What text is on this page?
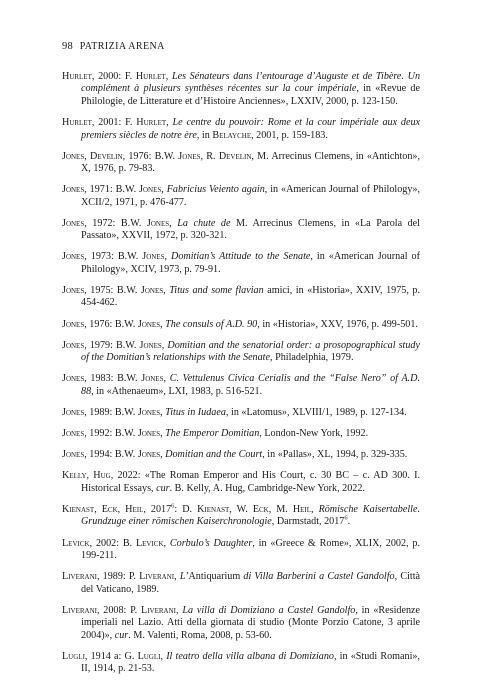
98 PATRIZIA ARENA

Hurlet, 2000: F. Hurlet, Les Sénateurs dans l’entourage d’Auguste et de Tibère. Un complément à plusieurs synthèses récentes sur la cour impériale, in «Revue de Philologie, de Litterature et d’Histoire Anciennes», LXXIV, 2000, p. 123-150.

Hurlet, 2001: F. Hurlet, Le centre du pouvoir: Rome et la cour impériale aux deux premiers siècles de notre ère, in Belayche, 2001, p. 159-183.

Jones, Develin, 1976: B.W. Jones, R. Develin, M. Arrecinus Clemens, in «Antichton», X, 1976, p. 79-83.

Jones, 1971: B.W. Jones, Fabricius Veiento again, in «American Journal of Philology», XCII/2, 1971, p. 476-477.

Jones, 1972: B.W. Jones, La chute de M. Arrecinus Clemens, in «La Parola del Passato», XXVII, 1972, p. 320-321.

Jones, 1973: B.W. Jones, Domitian’s Attitude to the Senate, in «American Journal of Philology», XCIV, 1973, p. 79-91.

Jones, 1975: B.W. Jones, Titus and some flavian amici, in «Historia», XXIV, 1975, p. 454-462.

Jones, 1976: B.W. Jones, The consuls of A.D. 90, in «Historia», XXV, 1976, p. 499-501.

Jones, 1979: B.W. Jones, Domitian and the senatorial order: a prosopographical study of the Domitian’s relationships with the Senate, Philadelphia, 1979.

Jones, 1983: B.W. Jones, C. Vettulenus Civica Cerialis and the “False Nero” of A.D. 88, in «Athenaeum», LXI, 1983, p. 516-521.

Jones, 1989: B.W. Jones, Titus in Iudaea, in «Latomus», XLVIII/1, 1989, p. 127-134.

Jones, 1992: B.W. Jones, The Emperor Domitian, London-New York, 1992.

Jones, 1994: B.W. Jones, Domitian and the Court, in «Pallas», XL, 1994, p. 329-335.

Kelly, Hug, 2022: «The Roman Emperor and His Court, c. 30 BC – c. AD 300. I. Historical Essays, cur. B. Kelly, A. Hug, Cambridge-New York, 2022.

Kienast, Eck, Heil, 2017$^6$: D. Kienast, W. Eck, M. Heil, Römische Kaisertabelle. Grundzuge einer römischen Kaiserchronologie, Darmstadt, 2017$^6$.

Levick, 2002: B. Levick, Corbulo’s Daughter, in «Greece & Rome», XLIX, 2002, p. 199-211.

Liverani, 1989: P. Liverani, L’Antiquarium di Villa Barberini a Castel Gandolfo, Città del Vaticano, 1989.

Liverani, 2008: P. Liverani, La villa di Domiziano a Castel Gandolfo, in «Residenze imperiali nel Lazio. Atti della giornata di studio (Monte Porzio Catone, 3 aprile 2004)», cur. M. Valenti, Roma, 2008, p. 53-60.

Lugli, 1914 a: G. Lugli, Il teatro della villa albana di Domiziano, in «Studi Romani», II, 1914, p. 21-53.
